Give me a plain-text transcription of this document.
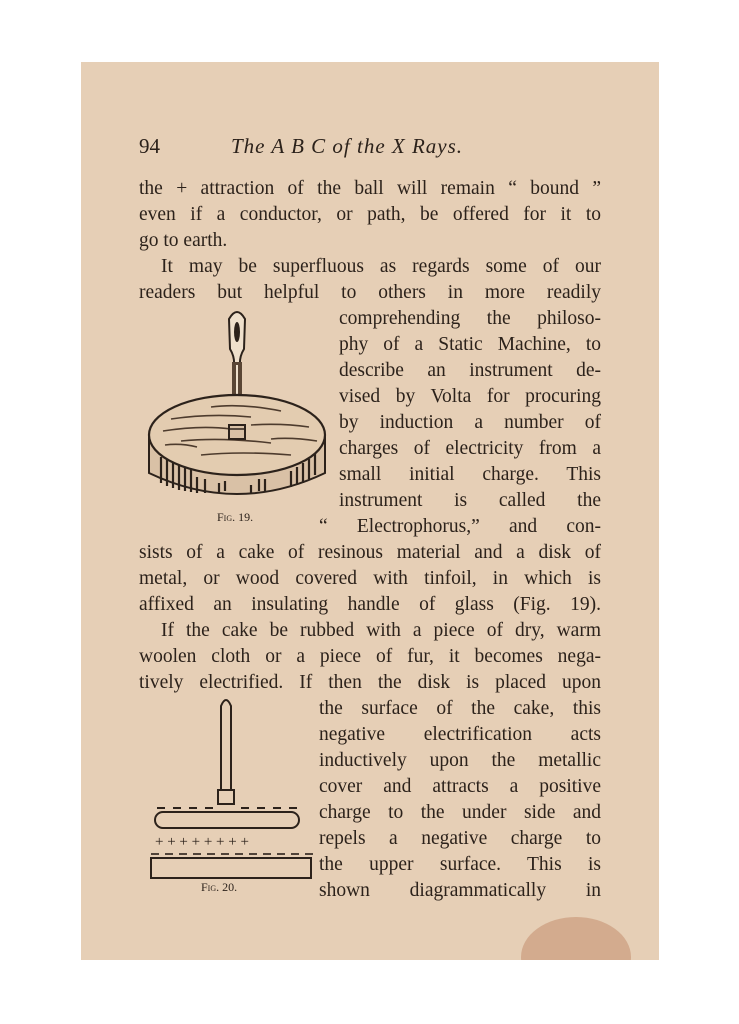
94	The A B C of the X Rays.
the + attraction of the ball will remain “ bound ”
even if a conductor, or path, be offered for it to
go to earth.
It may be superfluous as regards some of our
readers but helpful to others in more readily
comprehending the philoso-
phy of a Static Machine, to
describe an instrument de-
vised by Volta for procuring
by induction a number of
charges of electricity from a
small initial charge. This
instrument is called the
“ Electrophorus,” and con-
sists of a cake of resinous material and a disk of
metal, or wood covered with tinfoil, in which is
affixed an insulating handle of glass (Fig. 19).
If the cake be rubbed with a piece of dry, warm
woolen cloth or a piece of fur, it becomes nega-
tively electrified. If then the disk is placed upon
the surface of the cake, this
negative electrification acts
inductively upon the metallic
cover and attracts a positive
charge to the under side and
repels a negative charge to
the upper surface. This is
shown diagrammatically in
Fig. 19.
+ + + + + + + +
Fig. 20.
